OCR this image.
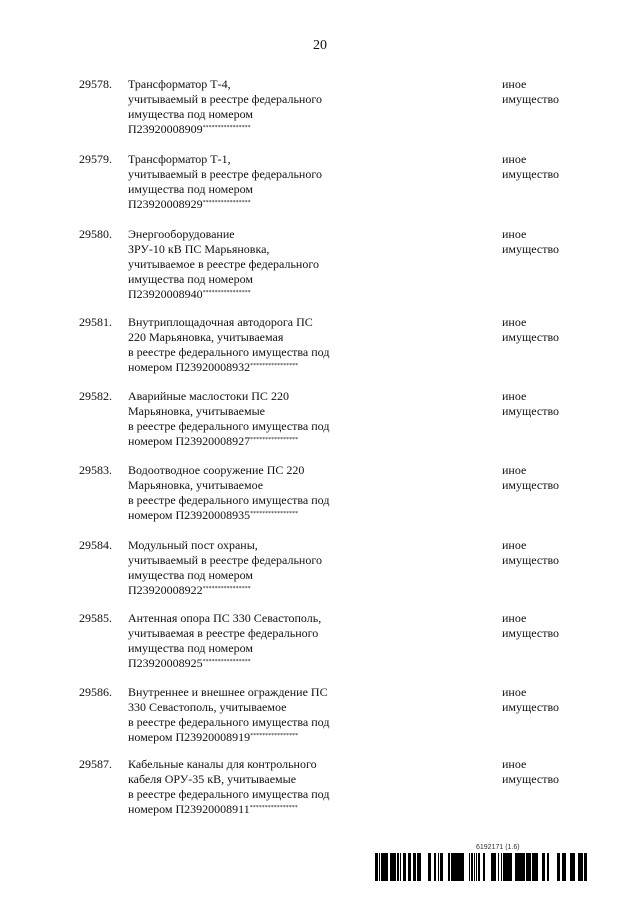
20
29578. Трансформатор Т-4,
учитываемый в реестре федерального
имущества под номером
П23920008909****************
иное
имущество
29579. Трансформатор Т-1,
учитываемый в реестре федерального
имущества под номером
П23920008929****************
иное
имущество
29580. Энергооборудование
ЗРУ-10 кВ ПС Марьяновка,
учитываемое в реестре федерального
имущества под номером
П23920008940****************
иное
имущество
29581. Внутриплощадочная автодорога ПС
220 Марьяновка, учитываемая
в реестре федерального имущества под
номером П23920008932****************
иное
имущество
29582. Аварийные маслостоки ПС 220
Марьяновка, учитываемые
в реестре федерального имущества под
номером П23920008927****************
иное
имущество
29583. Водоотводное сооружение ПС 220
Марьяновка, учитываемое
в реестре федерального имущества под
номером П23920008935****************
иное
имущество
29584. Модульный пост охраны,
учитываемый в реестре федерального
имущества под номером
П23920008922****************
иное
имущество
29585. Антенная опора ПС 330 Севастополь,
учитываемая в реестре федерального
имущества под номером
П23920008925****************
иное
имущество
29586. Внутреннее и внешнее ограждение ПС
330 Севастополь, учитываемое
в реестре федерального имущества под
номером П23920008919****************
иное
имущество
29587. Кабельные каналы для контрольного
кабеля ОРУ-35 кВ, учитываемые
в реестре федерального имущества под
номером П23920008911****************
иное
имущество
6192171 (1.6)
